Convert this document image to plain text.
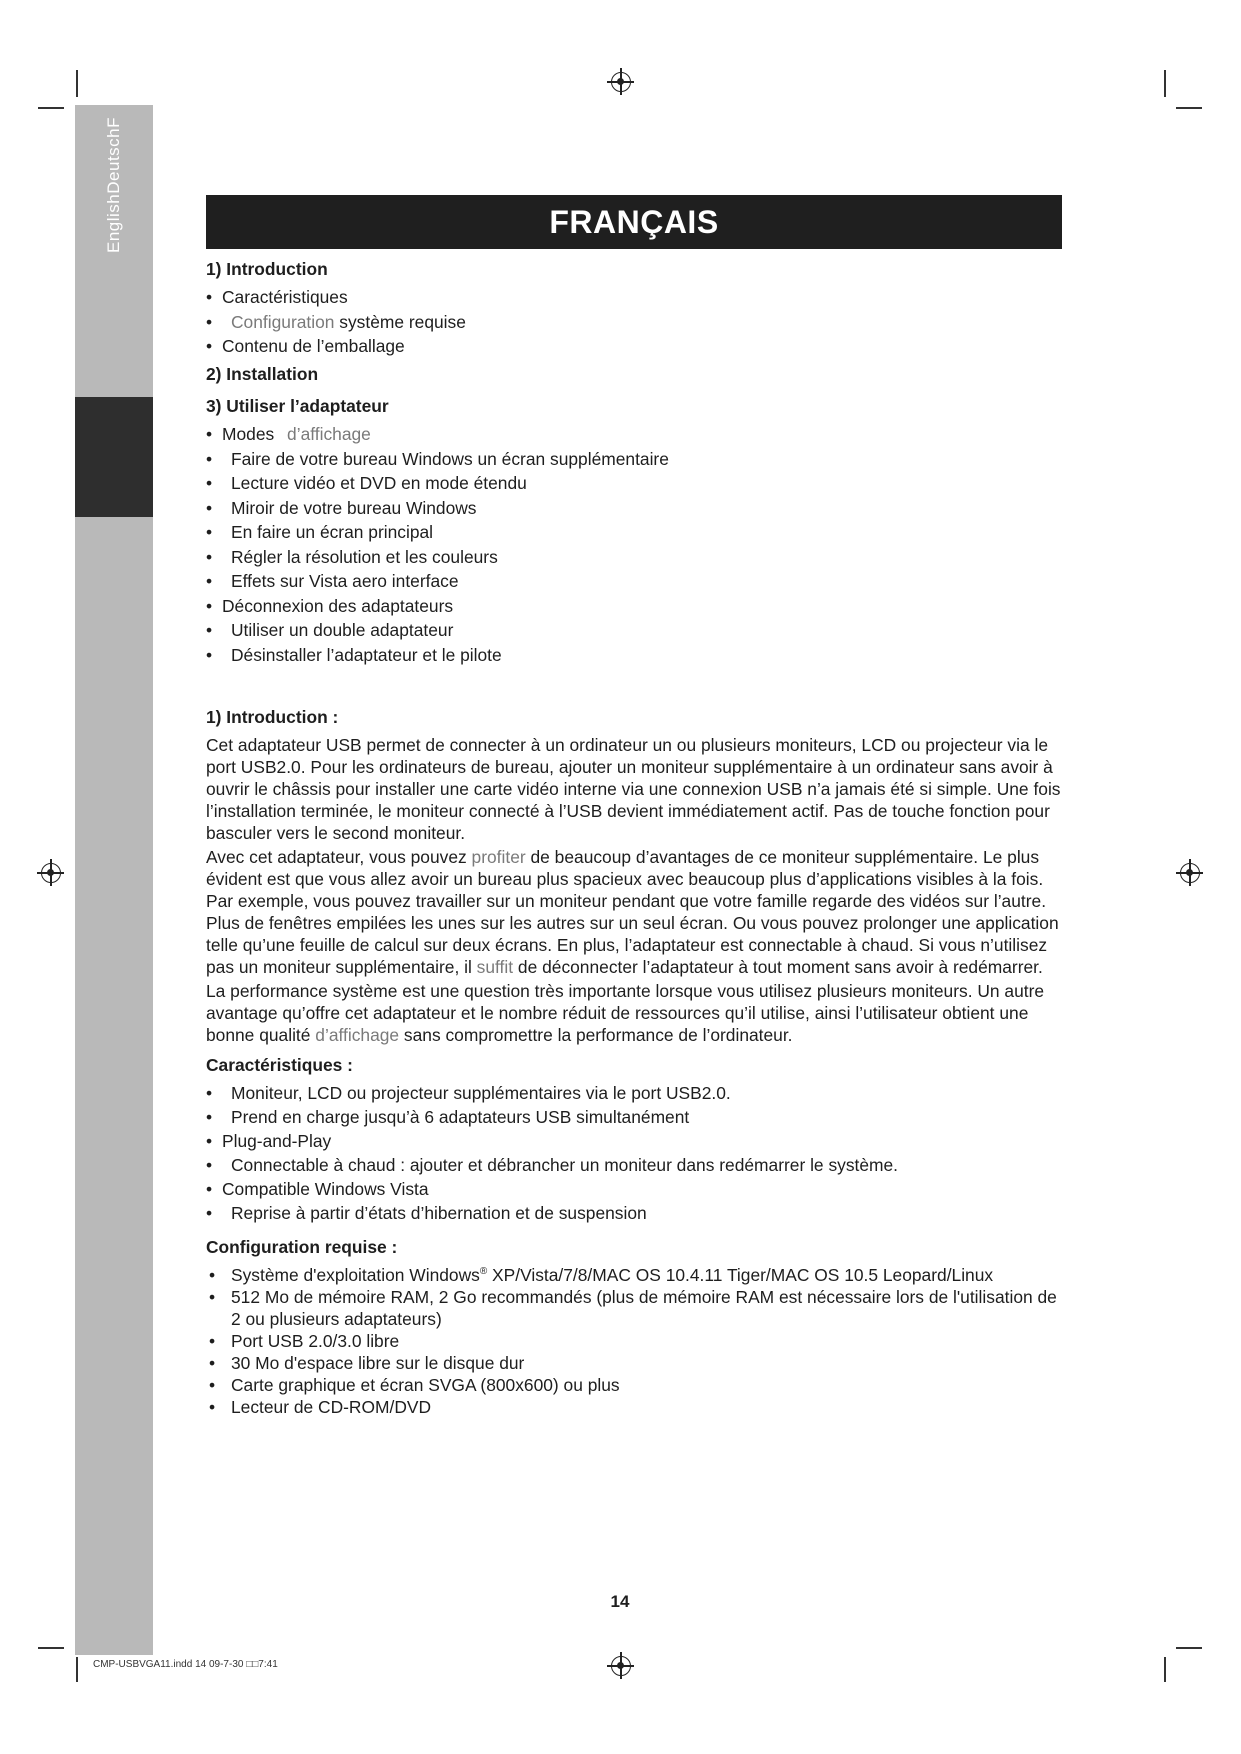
EnglishDeutschF	FRANÇAIS
1) Introduction
• Caractéristiques
• Configuration système requise
• Contenu de l’emballage
2) Installation
3) Utiliser l’adaptateur
• Modes d’affichage
• Faire de votre bureau Windows un écran supplémentaire
• Lecture vidéo et DVD en mode étendu
• Miroir de votre bureau Windows
• En faire un écran principal
• Régler la résolution et les couleurs
• Effets sur Vista aero interface
• Déconnexion des adaptateurs
• Utiliser un double adaptateur
• Désinstaller l’adaptateur et le pilote
1) Introduction :

Cet adaptateur USB permet de connecter à un ordinateur un ou plusieurs moniteurs, LCD ou projecteur via le port USB2.0. Pour les ordinateurs de bureau, ajouter un moniteur supplémentaire à un ordinateur sans avoir à ouvrir le châssis pour installer une carte vidéo interne via une connexion USB n’a jamais été si simple. Une fois l’installation terminée, le moniteur connecté à l’USB devient immédiatement actif. Pas de touche fonction pour basculer vers le second moniteur.

Avec cet adaptateur, vous pouvez profiter de beaucoup d’avantages de ce moniteur supplémentaire. Le plus évident est que vous allez avoir un bureau plus spacieux avec beaucoup plus d’applications visibles à la fois. Par exemple, vous pouvez travailler sur un moniteur pendant que votre famille regarde des vidéos sur l’autre. Plus de fenêtres empilées les unes sur les autres sur un seul écran. Ou vous pouvez prolonger une application telle qu’une feuille de calcul sur deux écrans. En plus, l’adaptateur est connectable à chaud. Si vous n’utilisez pas un moniteur supplémentaire, il suffit de déconnecter l’adaptateur à tout moment sans avoir à redémarrer.

La performance système est une question très importante lorsque vous utilisez plusieurs moniteurs. Un autre avantage qu’offre cet adaptateur et le nombre réduit de ressources qu’il utilise, ainsi l’utilisateur obtient une bonne qualité d’affichage sans compromettre la performance de l’ordinateur.

Caractéristiques :
• Moniteur, LCD ou projecteur supplémentaires via le port USB2.0.
• Prend en charge jusqu’à 6 adaptateurs USB simultanément
• Plug-and-Play
• Connectable à chaud : ajouter et débrancher un moniteur dans redémarrer le système.
• Compatible Windows Vista
• Reprise à partir d’états d’hibernation et de suspension
Configuration requise :
• Système d'exploitation Windows® XP/Vista/7/8/MAC OS 10.4.11 Tiger/MAC OS 10.5 Leopard/Linux
• 512 Mo de mémoire RAM, 2 Go recommandés (plus de mémoire RAM est nécessaire lors de l'utilisation de 2 ou plusieurs adaptateurs)
• Port USB 2.0/3.0 libre
• 30 Mo d'espace libre sur le disque dur
• Carte graphique et écran SVGA (800x600) ou plus
• Lecteur de CD-ROM/DVD
14
CMP-USBVGA11.indd 14 09-7-30 □□7:41
